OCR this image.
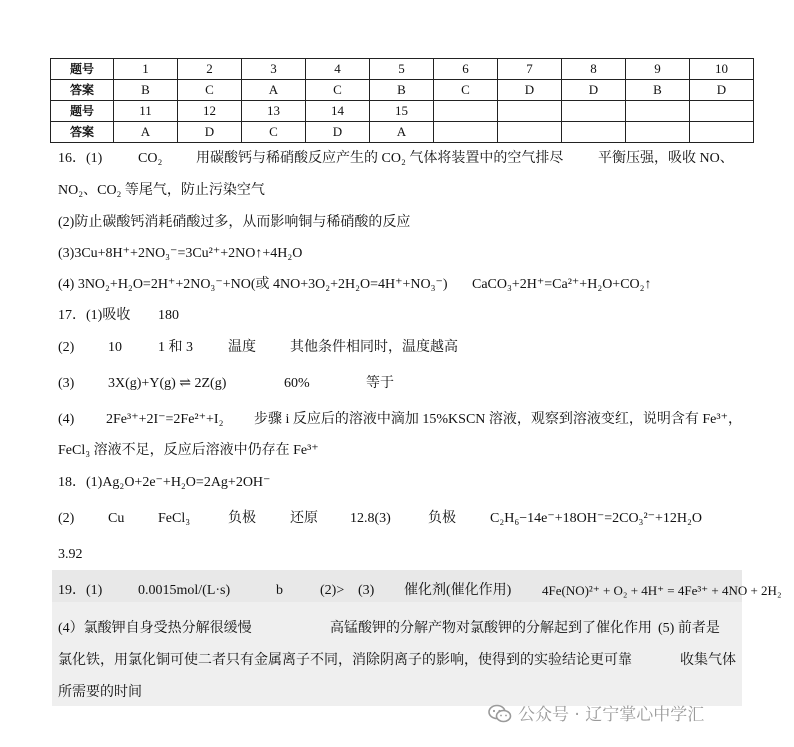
题号	1	2	3	4	5	6	7	8	9	10
答案	B	C	A	C	B	C	D	D	B	D
题号	11	12	13	14	15					
答案	A	D	C	D	A					
16．(1)	CO₂ 用碳酸钙与稀硝酸反应产生的 CO₂ 气体将装置中的空气排尽 平衡压强，吸收 NO、
NO₂、CO₂ 等尾气，防止污染空气
(2)防止碳酸钙消耗硝酸过多，从而影响铜与稀硝酸的反应
(3)3Cu+8H⁺+2NO₃⁻=3Cu²⁺+2NO↑+4H₂O
(4) 3NO₂+H₂O=2H⁺+2NO₃⁻+NO(或 4NO+3O₂+2H₂O=4H⁺+NO₃⁻) CaCO₃+2H⁺=Ca²⁺+H₂O+CO₂↑
17．(1)吸收 180
(2) 10	1 和 3	温度 其他条件相同时，温度越高
(3) 3X(g)+Y(g) ⇌ 2Z(g)	60%	等于
(4) 2Fe³⁺+2I⁻=2Fe²⁺+I₂ 步骤 i 反应后的溶液中滴加 15%KSCN 溶液，观察到溶液变红，说明含有 Fe³⁺，
FeCl₃ 溶液不足，反应后溶液中仍存在 Fe³⁺
18．(1)Ag₂O+2e⁻+H₂O=2Ag+2OH⁻
(2) Cu FeCl₃	负极 还原 12.8(3)	负极 C₂H₆−14e⁻+18OH⁻=2CO₃²⁻+12H₂O
3.92
19．(1)	0.0015mol/(L·s)	b	(2)> (3) 催化剂(催化作用) 4Fe(NO)²⁺ + O₂ + 4H⁺ = 4Fe³⁺ + 4NO + 2H₂
(4）氯酸钾自身受热分解很缓慢	高锰酸钾的分解产物对氯酸钾的分解起到了催化作用 (5) 前者是
氯化铁，用氯化铜可使二者只有金属离子不同，消除阴离子的影响，使得到的实验结论更可靠	收集气体
所需要的时间
公众号 · 辽宁掌心中学汇
